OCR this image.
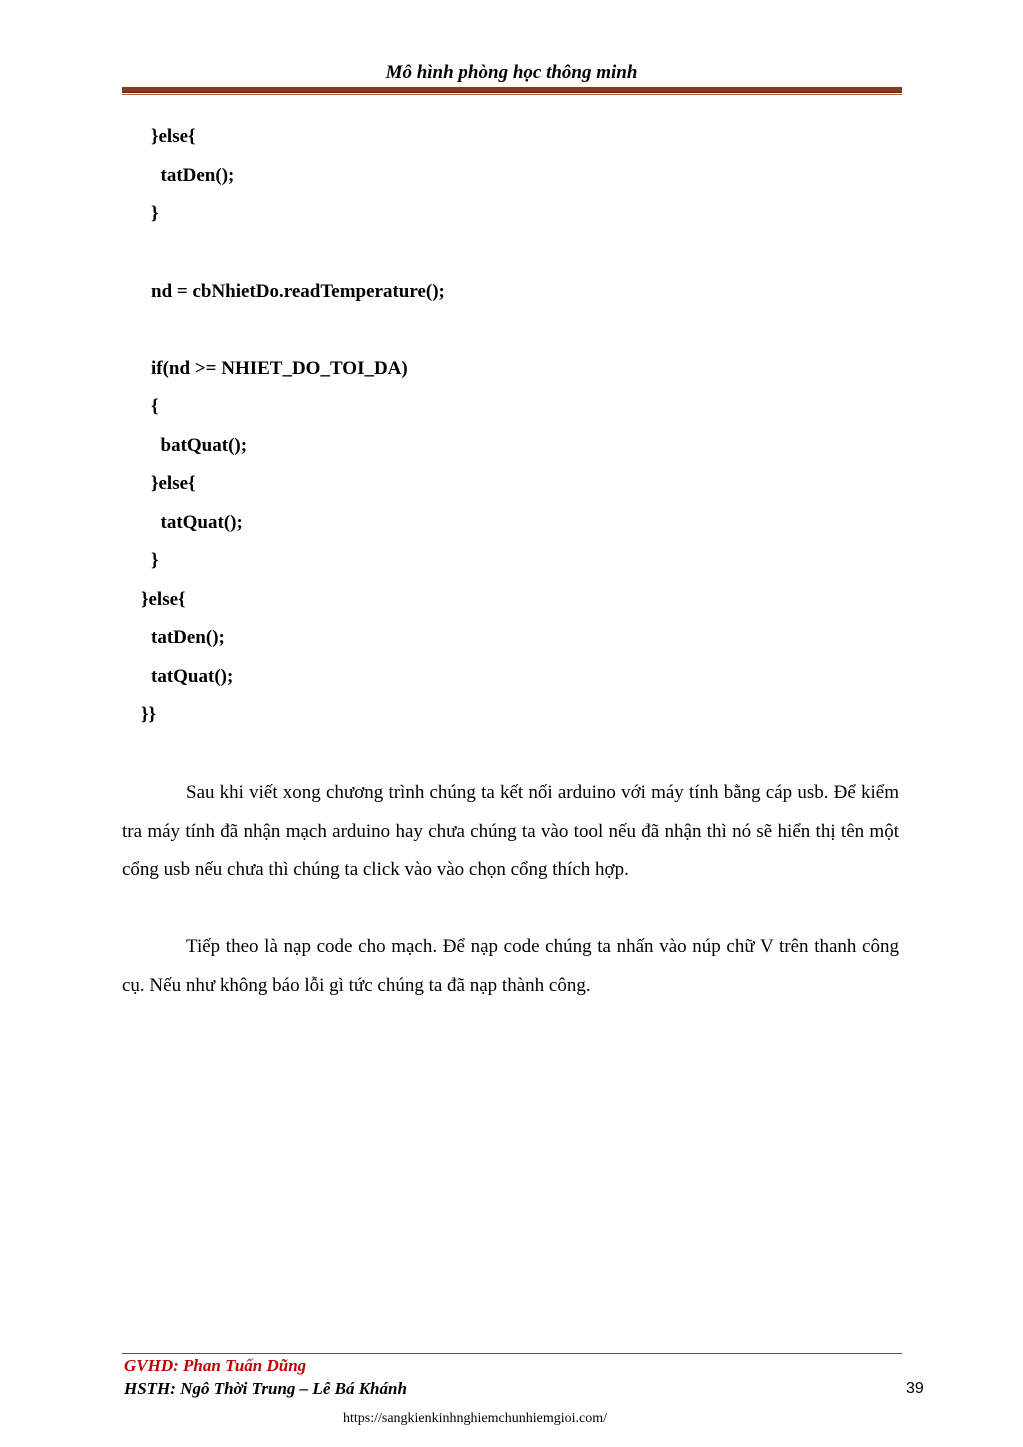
Mô hình phòng học thông minh
}else{
tatDen();
}
nd = cbNhietDo.readTemperature();
if(nd >= NHIET_DO_TOI_DA)
{
batQuat();
}else{
tatQuat();
}
}else{
tatDen();
tatQuat();
}}

Sau khi viết xong chương trình chúng ta kết nối arduino với máy tính bằng cáp usb. Để kiểm tra máy tính đã nhận mạch arduino hay chưa chúng ta vào tool nếu đã nhận thì nó sẽ hiển thị tên một cổng usb nếu chưa thì chúng ta click vào vào chọn cổng thích hợp.

Tiếp theo là nạp code cho mạch. Để nạp code chúng ta nhấn vào núp chữ V trên thanh công cụ. Nếu như không báo lỗi gì tức chúng ta đã nạp thành công.

GVHD: Phan Tuấn Dũng
HSTH: Ngô Thời Trung – Lê Bá Khánh	39
https://sangkienkinhnghiemchunhiemgioi.com/
